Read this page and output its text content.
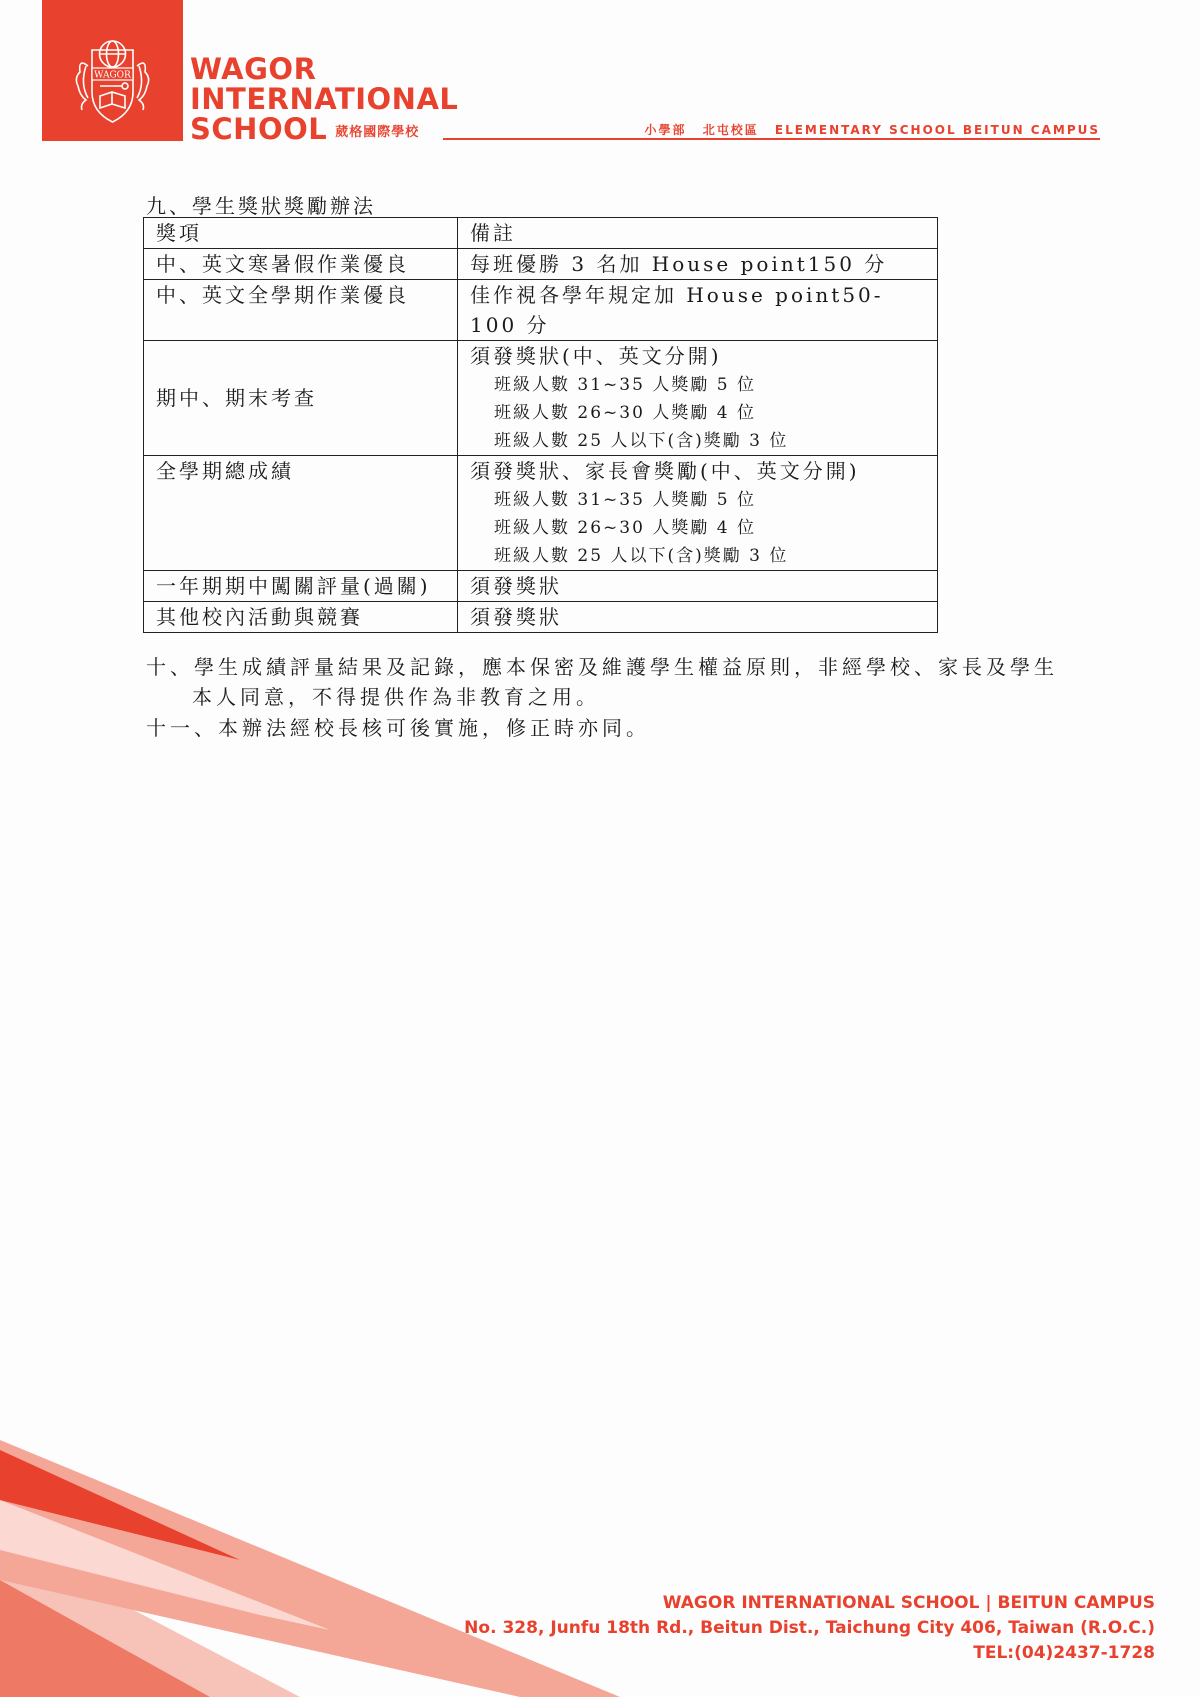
WAGOR WAGOR
INTERNATIONAL
SCHOOL 葳格國際學校	小學部 北屯校區 ELEMENTARY SCHOOL BEITUN CAMPUS
九、學生獎狀獎勵辦法
獎項	備註
中、英文寒暑假作業優良	每班優勝 3 名加 House point150 分
中、英文全學期作業優良	佳作視各學年規定加 House point50-100 分
期中、期末考查	須發獎狀(中、英文分開)
班級人數 31~35 人獎勵 5 位
班級人數 26~30 人獎勵 4 位
班級人數 25 人以下(含)獎勵 3 位

全學期總成績	須發獎狀、家長會獎勵(中、英文分開)
班級人數 31~35 人獎勵 5 位
班級人數 26~30 人獎勵 4 位
班級人數 25 人以下(含)獎勵 3 位

一年期期中闖關評量(過關)	須發獎狀
其他校內活動與競賽	須發獎狀
十、學生成績評量結果及記錄，應本保密及維護學生權益原則，非經學校、家長及學生
本人同意，不得提供作為非教育之用。
十一、本辦法經校長核可後實施，修正時亦同。
WAGOR INTERNATIONAL SCHOOL | BEITUN CAMPUS
No. 328, Junfu 18th Rd., Beitun Dist., Taichung City 406, Taiwan (R.O.C.)
TEL:(04)2437-1728
